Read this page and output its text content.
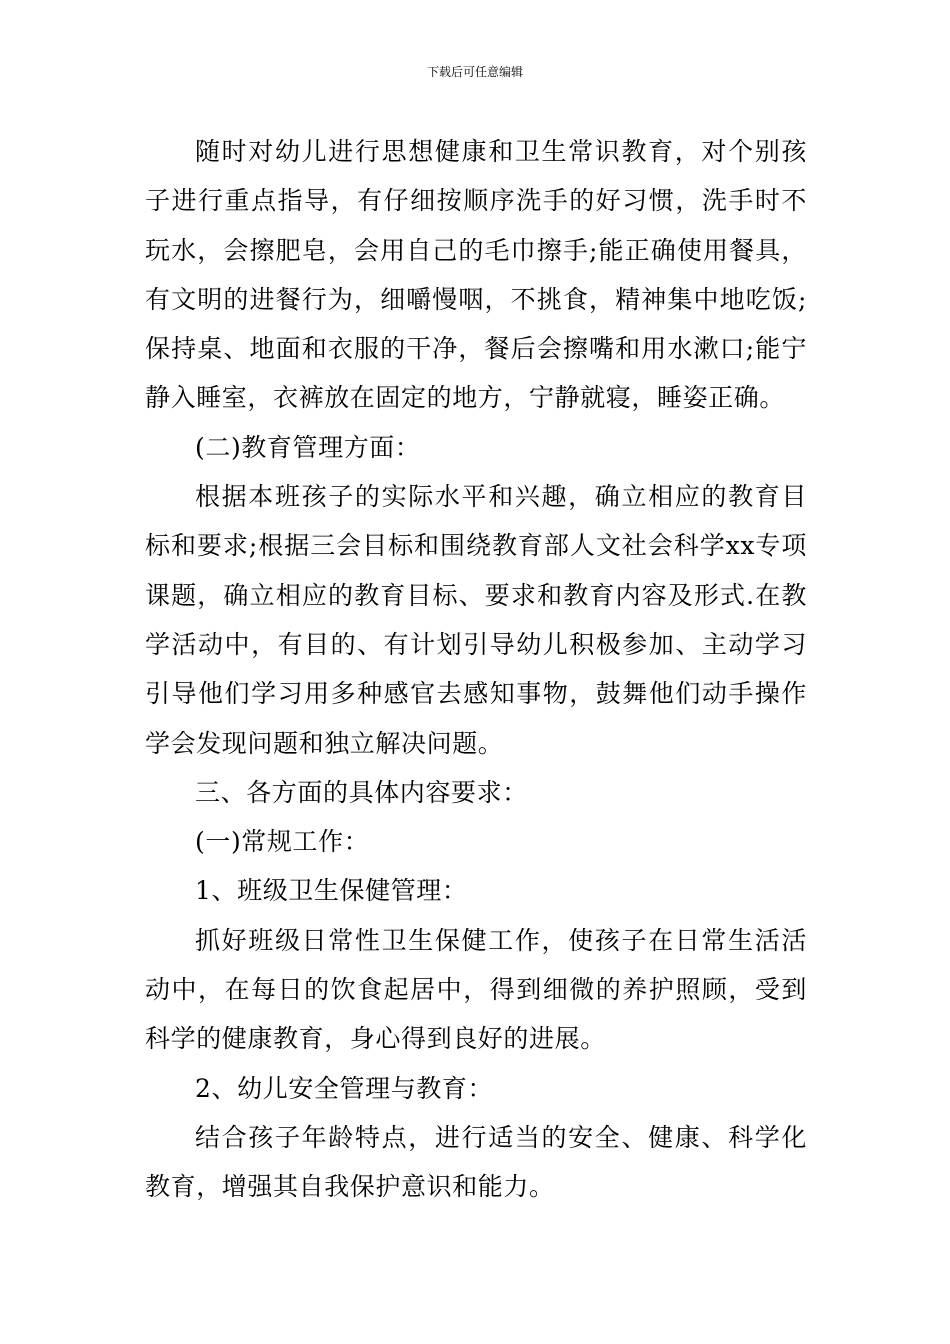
下载后可任意编辑

随时对幼儿进行思想健康和卫生常识教育，对个别孩子进行重点指导，有仔细按顺序洗手的好习惯，洗手时不玩水，会擦肥皂，会用自己的毛巾擦手;能正确使用餐具，有文明的进餐行为，细嚼慢咽，不挑食，精神集中地吃饭;保持桌、地面和衣服的干净，餐后会擦嘴和用水漱口;能宁静入睡室，衣裤放在固定的地方，宁静就寝，睡姿正确。

(二)教育管理方面：

根据本班孩子的实际水平和兴趣，确立相应的教育目标和要求;根据三会目标和围绕教育部人文社会科学xx专项课题，确立相应的教育目标、要求和教育内容及形式.在教学活动中，有目的、有计划引导幼儿积极参加、主动学习引导他们学习用多种感官去感知事物，鼓舞他们动手操作学会发现问题和独立解决问题。

三、各方面的具体内容要求：

(一)常规工作：

1、班级卫生保健管理：

抓好班级日常性卫生保健工作，使孩子在日常生活活动中，在每日的饮食起居中，得到细微的养护照顾，受到科学的健康教育，身心得到良好的进展。

2、幼儿安全管理与教育：

结合孩子年龄特点，进行适当的安全、健康、科学化教育，增强其自我保护意识和能力。
